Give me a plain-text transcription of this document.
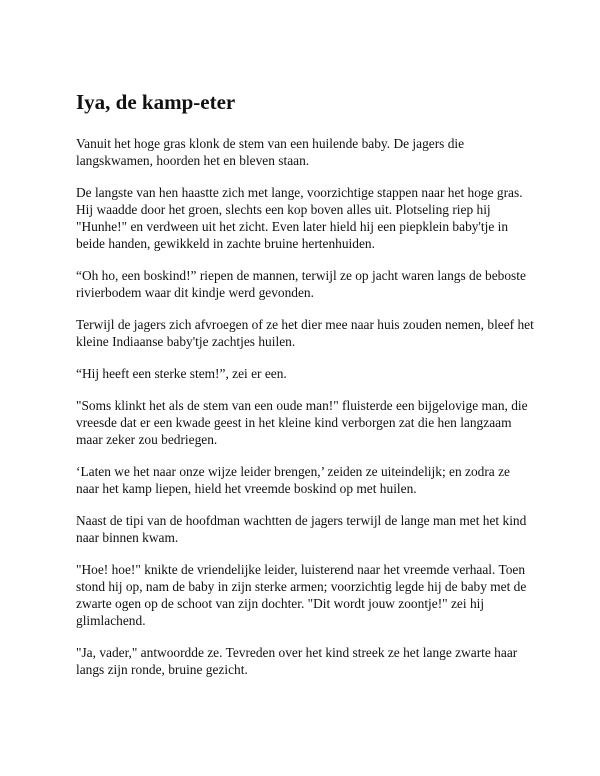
Iya, de kamp-eter

Vanuit het hoge gras klonk de stem van een huilende baby. De jagers die langskwamen, hoorden het en bleven staan.

De langste van hen haastte zich met lange, voorzichtige stappen naar het hoge gras. Hij waadde door het groen, slechts een kop boven alles uit. Plotseling riep hij "Hunhe!" en verdween uit het zicht. Even later hield hij een piepklein baby'tje in beide handen, gewikkeld in zachte bruine hertenhuiden.

“Oh ho, een boskind!” riepen de mannen, terwijl ze op jacht waren langs de beboste rivierbodem waar dit kindje werd gevonden.

Terwijl de jagers zich afvroegen of ze het dier mee naar huis zouden nemen, bleef het kleine Indiaanse baby'tje zachtjes huilen.

“Hij heeft een sterke stem!”, zei er een.

"Soms klinkt het als de stem van een oude man!" fluisterde een bijgelovige man, die vreesde dat er een kwade geest in het kleine kind verborgen zat die hen langzaam maar zeker zou bedriegen.

‘Laten we het naar onze wijze leider brengen,’ zeiden ze uiteindelijk; en zodra ze naar het kamp liepen, hield het vreemde boskind op met huilen.

Naast de tipi van de hoofdman wachtten de jagers terwijl de lange man met het kind naar binnen kwam.

"Hoe! hoe!" knikte de vriendelijke leider, luisterend naar het vreemde verhaal. Toen stond hij op, nam de baby in zijn sterke armen; voorzichtig legde hij de baby met de zwarte ogen op de schoot van zijn dochter. "Dit wordt jouw zoontje!" zei hij glimlachend.

"Ja, vader," antwoordde ze. Tevreden over het kind streek ze het lange zwarte haar langs zijn ronde, bruine gezicht.
